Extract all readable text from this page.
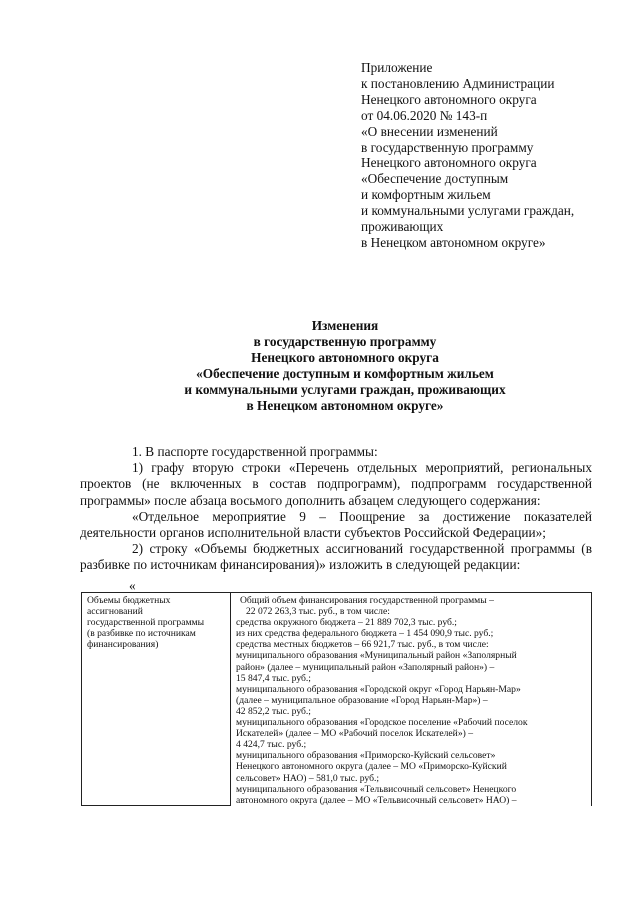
Приложение
к постановлению Администрации
Ненецкого автономного округа
от 04.06.2020 № 143-п
«О внесении изменений
в государственную программу
Ненецкого автономного округа
«Обеспечение доступным
и комфортным жильем
и коммунальными услугами граждан,
проживающих
в Ненецком автономном округе»
Изменения
в государственную программу
Ненецкого автономного округа
«Обеспечение доступным и комфортным жильем
и коммунальными услугами граждан, проживающих
в Ненецком автономном округе»

1. В паспорте государственной программы:

1) графу вторую строки «Перечень отдельных мероприятий, региональных проектов (не включенных в состав подпрограмм), подпрограмм государственной программы» после абзаца восьмого дополнить абзацем следующего содержания:

«Отдельное мероприятие 9 – Поощрение за достижение показателей деятельности органов исполнительной власти субъектов Российской Федерации»;

2) строку «Объемы бюджетных ассигнований государственной программы (в разбивке по источникам финансирования)» изложить в следующей редакции:

«
Объемы бюджетных
ассигнований
государственной программы
(в разбивке по источникам
финансирования)

Общий объем финансирования государственной программы –
22 072 263,3 тыс. руб., в том числе:
средства окружного бюджета – 21 889 702,3 тыс. руб.;
из них средства федерального бюджета – 1 454 090,9 тыс. руб.;
средства местных бюджетов – 66 921,7 тыс. руб., в том числе:
муниципального образования «Муниципальный район «Заполярный
район» (далее – муниципальный район «Заполярный район») –
15 847,4 тыс. руб.;
муниципального образования «Городской округ «Город Нарьян-Мар»
(далее – муниципальное образование «Город Нарьян-Мар») –
42 852,2 тыс. руб.;
муниципального образования «Городское поселение «Рабочий поселок
Искателей» (далее – МО «Рабочий поселок Искателей») –
4 424,7 тыс. руб.;
муниципального образования «Приморско-Куйский сельсовет»
Ненецкого автономного округа (далее – МО «Приморско-Куйский
сельсовет» НАО) – 581,0 тыс. руб.;
муниципального образования «Тельвисочный сельсовет» Ненецкого
автономного округа (далее – МО «Тельвисочный сельсовет» НАО) –
